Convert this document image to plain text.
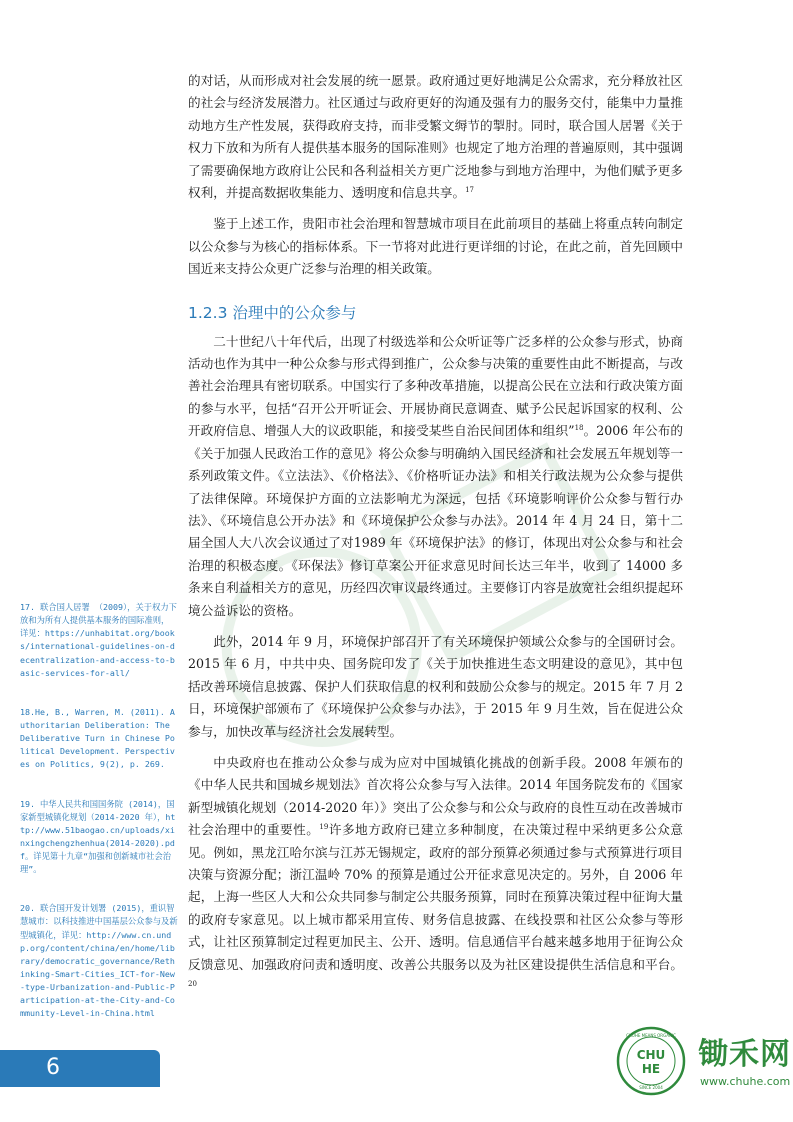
的对话，从而形成对社会发展的统一愿景。政府通过更好地满足公众需求，充分释放社区的社会与经济发展潜力。社区通过与政府更好的沟通及强有力的服务交付，能集中力量推动地方生产性发展，获得政府支持，而非受繁文缛节的掣肘。同时，联合国人居署《关于权力下放和为所有人提供基本服务的国际准则》也规定了地方治理的普遍原则，其中强调了需要确保地方政府让公民和各利益相关方更广泛地参与到地方治理中，为他们赋予更多权利，并提高数据收集能力、透明度和信息共享。$^{17}$

鉴于上述工作，贵阳市社会治理和智慧城市项目在此前项目的基础上将重点转向制定以公众参与为核心的指标体系。下一节将对此进行更详细的讨论，在此之前，首先回顾中国近来支持公众更广泛参与治理的相关政策。

1.2.3 治理中的公众参与

二十世纪八十年代后，出现了村级选举和公众听证等广泛多样的公众参与形式，协商活动也作为其中一种公众参与形式得到推广，公众参与决策的重要性由此不断提高，与改善社会治理具有密切联系。中国实行了多种改革措施，以提高公民在立法和行政决策方面的参与水平，包括“召开公开听证会、开展协商民意调查、赋予公民起诉国家的权利、公开政府信息、增强人大的议政职能，和接受某些自治民间团体和组织”$^{18}$。2006 年公布的《关于加强人民政治工作的意见》将公众参与明确纳入国民经济和社会发展五年规划等一系列政策文件。《立法法》、《价格法》、《价格听证办法》和相关行政法规为公众参与提供了法律保障。环境保护方面的立法影响尤为深远，包括《环境影响评价公众参与暂行办法》、《环境信息公开办法》和《环境保护公众参与办法》。2014 年 4 月 24 日，第十二届全国人大八次会议通过了对1989 年《环境保护法》的修订，体现出对公众参与和社会治理的积极态度。《环保法》修订草案公开征求意见时间长达三年半，收到了 14000 多条来自利益相关方的意见，历经四次审议最终通过。主要修订内容是放宽社会组织提起环境公益诉讼的资格。

此外，2014 年 9 月，环境保护部召开了有关环境保护领域公众参与的全国研讨会。2015 年 6 月，中共中央、国务院印发了《关于加快推进生态文明建设的意见》，其中包括改善环境信息披露、保护人们获取信息的权利和鼓励公众参与的规定。2015 年 7 月 2 日，环境保护部颁布了《环境保护公众参与办法》，于 2015 年 9 月生效，旨在促进公众参与，加快改革与经济社会发展转型。

中央政府也在推动公众参与成为应对中国城镇化挑战的创新手段。2008 年颁布的《中华人民共和国城乡规划法》首次将公众参与写入法律。2014 年国务院发布的《国家新型城镇化规划（2014-2020 年）》突出了公众参与和公众与政府的良性互动在改善城市社会治理中的重要性。$^{19}$许多地方政府已建立多种制度，在决策过程中采纳更多公众意见。例如，黑龙江哈尔滨与江苏无锡规定，政府的部分预算必须通过参与式预算进行项目决策与资源分配；浙江温岭 70% 的预算是通过公开征求意见决定的。另外，自 2006 年起，上海一些区人大和公众共同参与制定公共服务预算，同时在预算决策过程中征询大量的政府专家意见。以上城市都采用宣传、财务信息披露、在线投票和社区公众参与等形式，让社区预算制定过程更加民主、公开、透明。信息通信平台越来越多地用于征询公众反馈意见、加强政府问责和透明度、改善公共服务以及为社区建设提供生活信息和平台。$^{20}$

17. 联合国人居署 （2009），关于权力下放和为所有人提供基本服务的国际准则， 详见：https://unhabitat.org/books/international-guidelines-on-decentralization-and-access-to-basic-services-for-all/

18.He, B., Warren, M. (2011). Authoritarian Deliberation: The Deliberative Turn in Chinese Political Development. Perspectives on Politics, 9(2), p. 269.

19. 中华人民共和国国务院 (2014)，国家新型城镇化规划（2014-2020 年），http://www.51baogao.cn/uploads/xinxingchengzhenhua(2014-2020).pdf。详见第十九章“加强和创新城市社会治理”。

20. 联合国开发计划署 (2015)，重识智慧城市：以科技推进中国基层公众参与及新型城镇化，详见：http://www.cn.undp.org/content/china/en/home/library/democratic_governance/Rethinking-Smart-Cities_ICT-for-New-type-Urbanization-and-Public-Participation-at-the-City-and-Community-Level-in-China.html

6	CHU
HE
CHUHE MEANS ORGANIC
SINCE 2004
锄禾网
www.chuhe.com
